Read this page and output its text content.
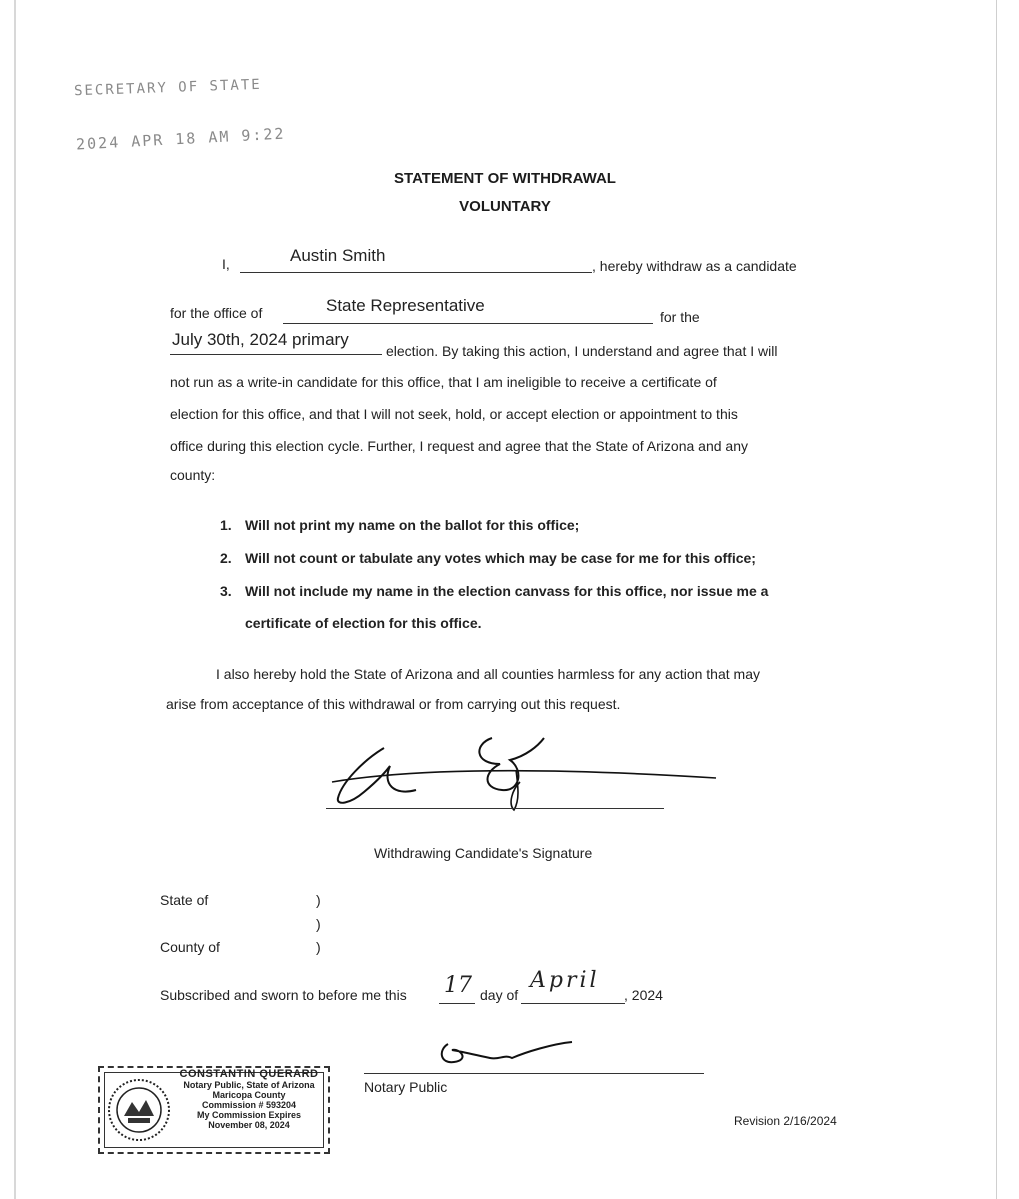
SECRETARY OF STATE
2024 APR 18 AM 9:22
STATEMENT OF WITHDRAWAL
VOLUNTARY
I,	Austin Smith
, hereby withdraw as a candidate
for the office of	State Representative
for the
July 30th, 2024 primary
election. By taking this action, I understand and agree that I will
not run as a write-in candidate for this office, that I am ineligible to receive a certificate of
election for this office, and that I will not seek, hold, or accept election or appointment to this
office during this election cycle. Further, I request and agree that the State of Arizona and any
county:
1. Will not print my name on the ballot for this office;
2. Will not count or tabulate any votes which may be case for me for this office;
3. Will not include my name in the election canvass for this office, nor issue me a
certificate of election for this office.
I also hereby hold the State of Arizona and all counties harmless for any action that may
arise from acceptance of this withdrawal or from carrying out this request.
Withdrawing Candidate's Signature
State of	)
)
County of	)
Subscribed and sworn to before me this 17 day of
April
, 2024
CONSTANTIN QUERARD
Notary Public, State of Arizona
Maricopa County
Commission # 593204
My Commission Expires
November 08, 2024
Notary Public
Revision 2/16/2024
